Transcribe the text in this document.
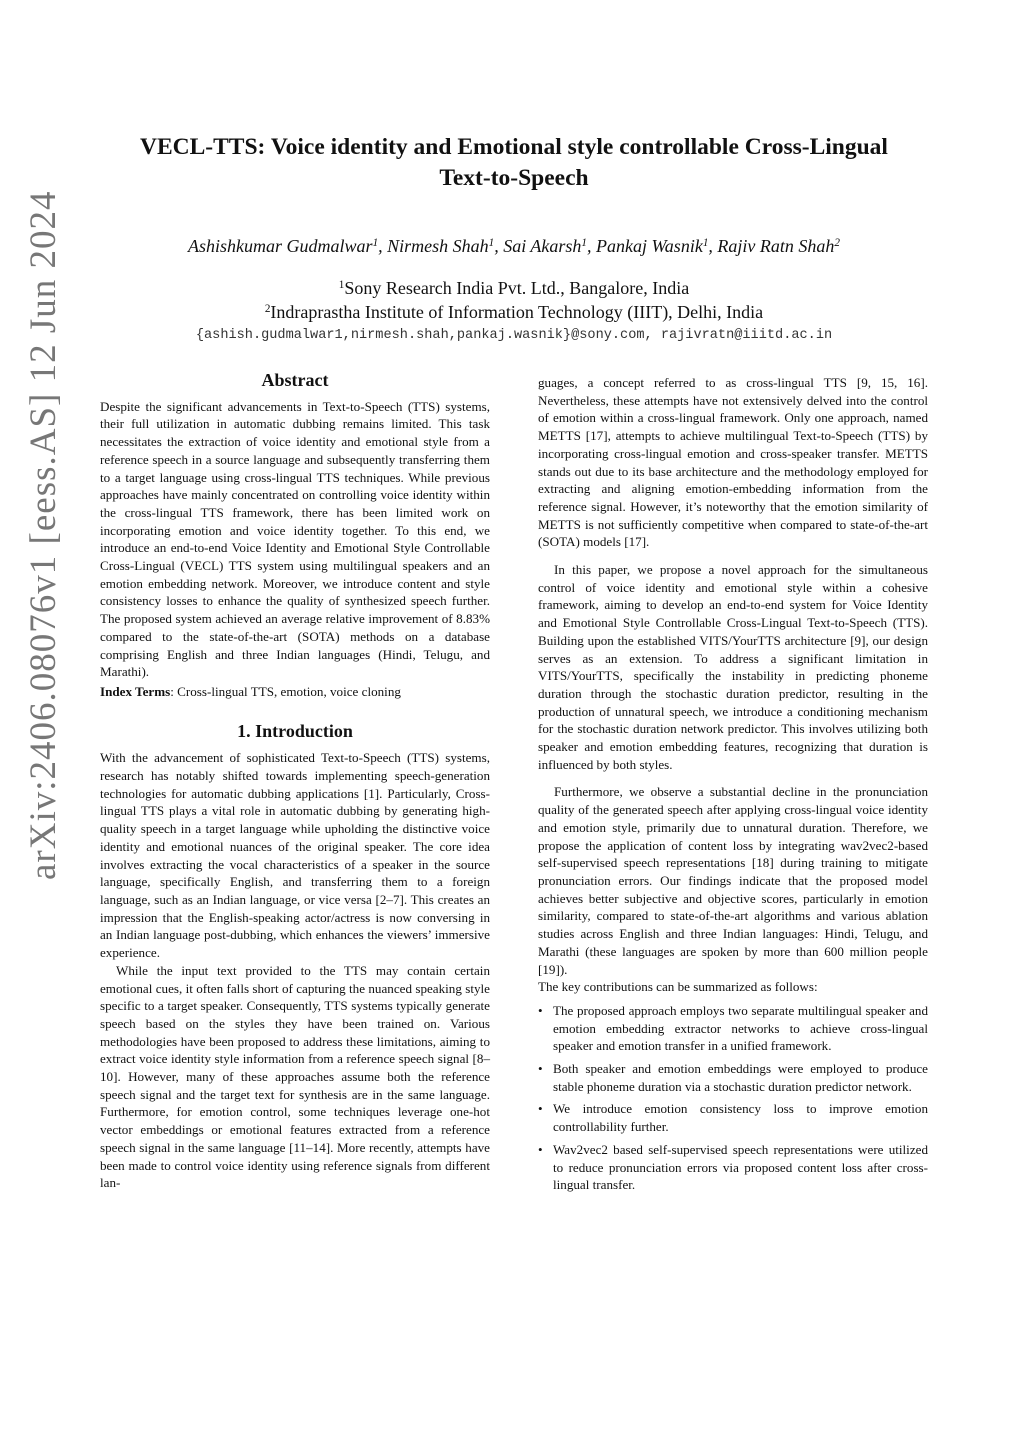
arXiv:2406.08076v1 [eess.AS] 12 Jun 2024
VECL-TTS: Voice identity and Emotional style controllable Cross-Lingual
Text-to-Speech
Ashishkumar Gudmalwar$^1$, Nirmesh Shah$^1$, Sai Akarsh$^1$, Pankaj Wasnik$^1$, Rajiv Ratn Shah$^2$
$^1$Sony Research India Pvt. Ltd., Bangalore, India
$^2$Indraprastha Institute of Information Technology (IIIT), Delhi, India
{ashish.gudmalwar1,nirmesh.shah,pankaj.wasnik}@sony.com, rajivratn@iiitd.ac.in
Abstract

Despite the significant advancements in Text-to-Speech (TTS) systems, their full utilization in automatic dubbing remains limited. This task necessitates the extraction of voice identity and emotional style from a reference speech in a source language and subsequently transferring them to a target language using cross-lingual TTS techniques. While previous approaches have mainly concentrated on controlling voice identity within the cross-lingual TTS framework, there has been limited work on incorporating emotion and voice identity together. To this end, we introduce an end-to-end Voice Identity and Emotional Style Controllable Cross-Lingual (VECL) TTS system using multilingual speakers and an emotion embedding network. Moreover, we introduce content and style consistency losses to enhance the quality of synthesized speech further. The proposed system achieved an average relative improvement of 8.83% compared to the state-of-the-art (SOTA) methods on a database comprising English and three Indian languages (Hindi, Telugu, and Marathi).

Index Terms: Cross-lingual TTS, emotion, voice cloning

1. Introduction

With the advancement of sophisticated Text-to-Speech (TTS) systems, research has notably shifted towards implementing speech-generation technologies for automatic dubbing applications [1]. Particularly, Cross-lingual TTS plays a vital role in automatic dubbing by generating high-quality speech in a target language while upholding the distinctive voice identity and emotional nuances of the original speaker. The core idea involves extracting the vocal characteristics of a speaker in the source language, specifically English, and transferring them to a foreign language, such as an Indian language, or vice versa [2–7]. This creates an impression that the English-speaking actor/actress is now conversing in an Indian language post-dubbing, which enhances the viewers’ immersive experience.

While the input text provided to the TTS may contain certain emotional cues, it often falls short of capturing the nuanced speaking style specific to a target speaker. Consequently, TTS systems typically generate speech based on the styles they have been trained on. Various methodologies have been proposed to address these limitations, aiming to extract voice identity style information from a reference speech signal [8–10]. However, many of these approaches assume both the reference speech signal and the target text for synthesis are in the same language. Furthermore, for emotion control, some techniques leverage one-hot vector embeddings or emotional features extracted from a reference speech signal in the same language [11–14]. More recently, attempts have been made to control voice identity using reference signals from different lan-

guages, a concept referred to as cross-lingual TTS [9, 15, 16]. Nevertheless, these attempts have not extensively delved into the control of emotion within a cross-lingual framework. Only one approach, named METTS [17], attempts to achieve multilingual Text-to-Speech (TTS) by incorporating cross-lingual emotion and cross-speaker transfer. METTS stands out due to its base architecture and the methodology employed for extracting and aligning emotion-embedding information from the reference signal. However, it’s noteworthy that the emotion similarity of METTS is not sufficiently competitive when compared to state-of-the-art (SOTA) models [17].

In this paper, we propose a novel approach for the simultaneous control of voice identity and emotional style within a cohesive framework, aiming to develop an end-to-end system for Voice Identity and Emotional Style Controllable Cross-Lingual Text-to-Speech (TTS). Building upon the established VITS/YourTTS architecture [9], our design serves as an extension. To address a significant limitation in VITS/YourTTS, specifically the instability in predicting phoneme duration through the stochastic duration predictor, resulting in the production of unnatural speech, we introduce a conditioning mechanism for the stochastic duration network predictor. This involves utilizing both speaker and emotion embedding features, recognizing that duration is influenced by both styles.

Furthermore, we observe a substantial decline in the pronunciation quality of the generated speech after applying cross-lingual voice identity and emotion style, primarily due to unnatural duration. Therefore, we propose the application of content loss by integrating wav2vec2-based self-supervised speech representations [18] during training to mitigate pronunciation errors. Our findings indicate that the proposed model achieves better subjective and objective scores, particularly in emotion similarity, compared to state-of-the-art algorithms and various ablation studies across English and three Indian languages: Hindi, Telugu, and Marathi (these languages are spoken by more than 600 million people [19]).

The key contributions can be summarized as follows:

• The proposed approach employs two separate multilingual speaker and emotion embedding extractor networks to achieve cross-lingual speaker and emotion transfer in a unified framework.
• Both speaker and emotion embeddings were employed to produce stable phoneme duration via a stochastic duration predictor network.
• We introduce emotion consistency loss to improve emotion controllability further.
• Wav2vec2 based self-supervised speech representations were utilized to reduce pronunciation errors via proposed content loss after cross-lingual transfer.
